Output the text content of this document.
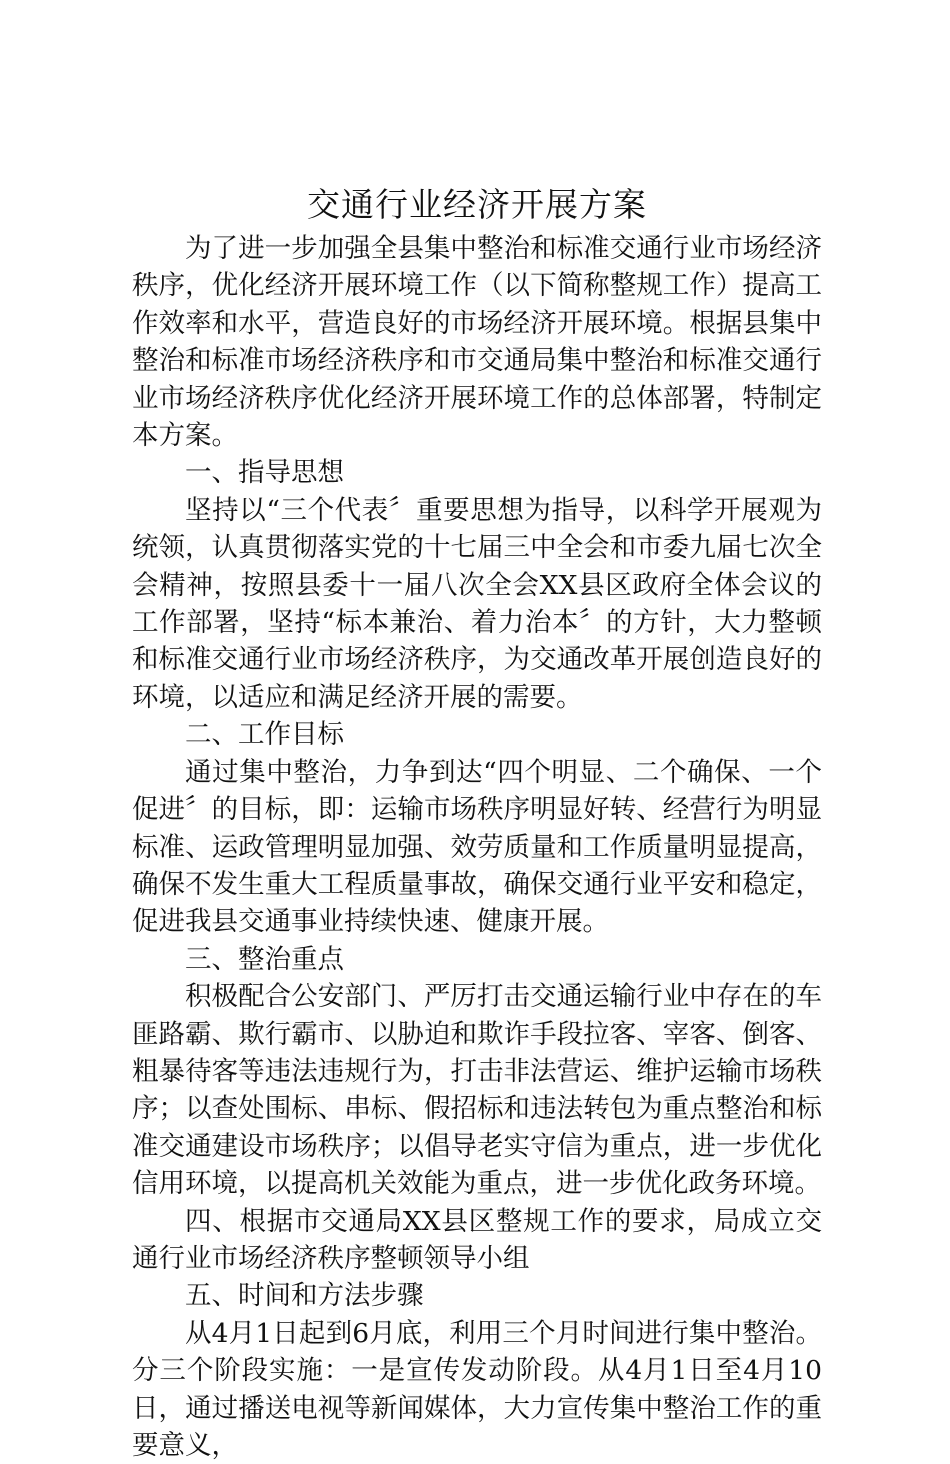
交通行业经济开展方案

为了进一步加强全县集中整治和标准交通行业市场经济秩序，优化经济开展环境工作（以下简称整规工作）提高工作效率和水平，营造良好的市场经济开展环境。根据县集中整治和标准市场经济秩序和市交通局集中整治和标准交通行业市场经济秩序优化经济开展环境工作的总体部署，特制定本方案。

一、指导思想

坚持以“三个代表〞重要思想为指导，以科学开展观为统领，认真贯彻落实党的十七届三中全会和市委九届七次全会精神，按照县委十一届八次全会XX县区政府全体会议的工作部署，坚持“标本兼治、着力治本〞的方针，大力整顿和标准交通行业市场经济秩序，为交通改革开展创造良好的环境，以适应和满足经济开展的需要。

二、工作目标

通过集中整治，力争到达“四个明显、二个确保、一个促进〞的目标，即：运输市场秩序明显好转、经营行为明显标准、运政管理明显加强、效劳质量和工作质量明显提高，确保不发生重大工程质量事故，确保交通行业平安和稳定，促进我县交通事业持续快速、健康开展。

三、整治重点

积极配合公安部门、严厉打击交通运输行业中存在的车匪路霸、欺行霸市、以胁迫和欺诈手段拉客、宰客、倒客、粗暴待客等违法违规行为，打击非法营运、维护运输市场秩序；以查处围标、串标、假招标和违法转包为重点整治和标准交通建设市场秩序；以倡导老实守信为重点，进一步优化信用环境，以提高机关效能为重点，进一步优化政务环境。

四、根据市交通局XX县区整规工作的要求，局成立交通行业市场经济秩序整顿领导小组

五、时间和方法步骤

从4月1日起到6月底，利用三个月时间进行集中整治。分三个阶段实施：一是宣传发动阶段。从4月1日至4月10日，通过播送电视等新闻媒体，大力宣传集中整治工作的重要意义，
